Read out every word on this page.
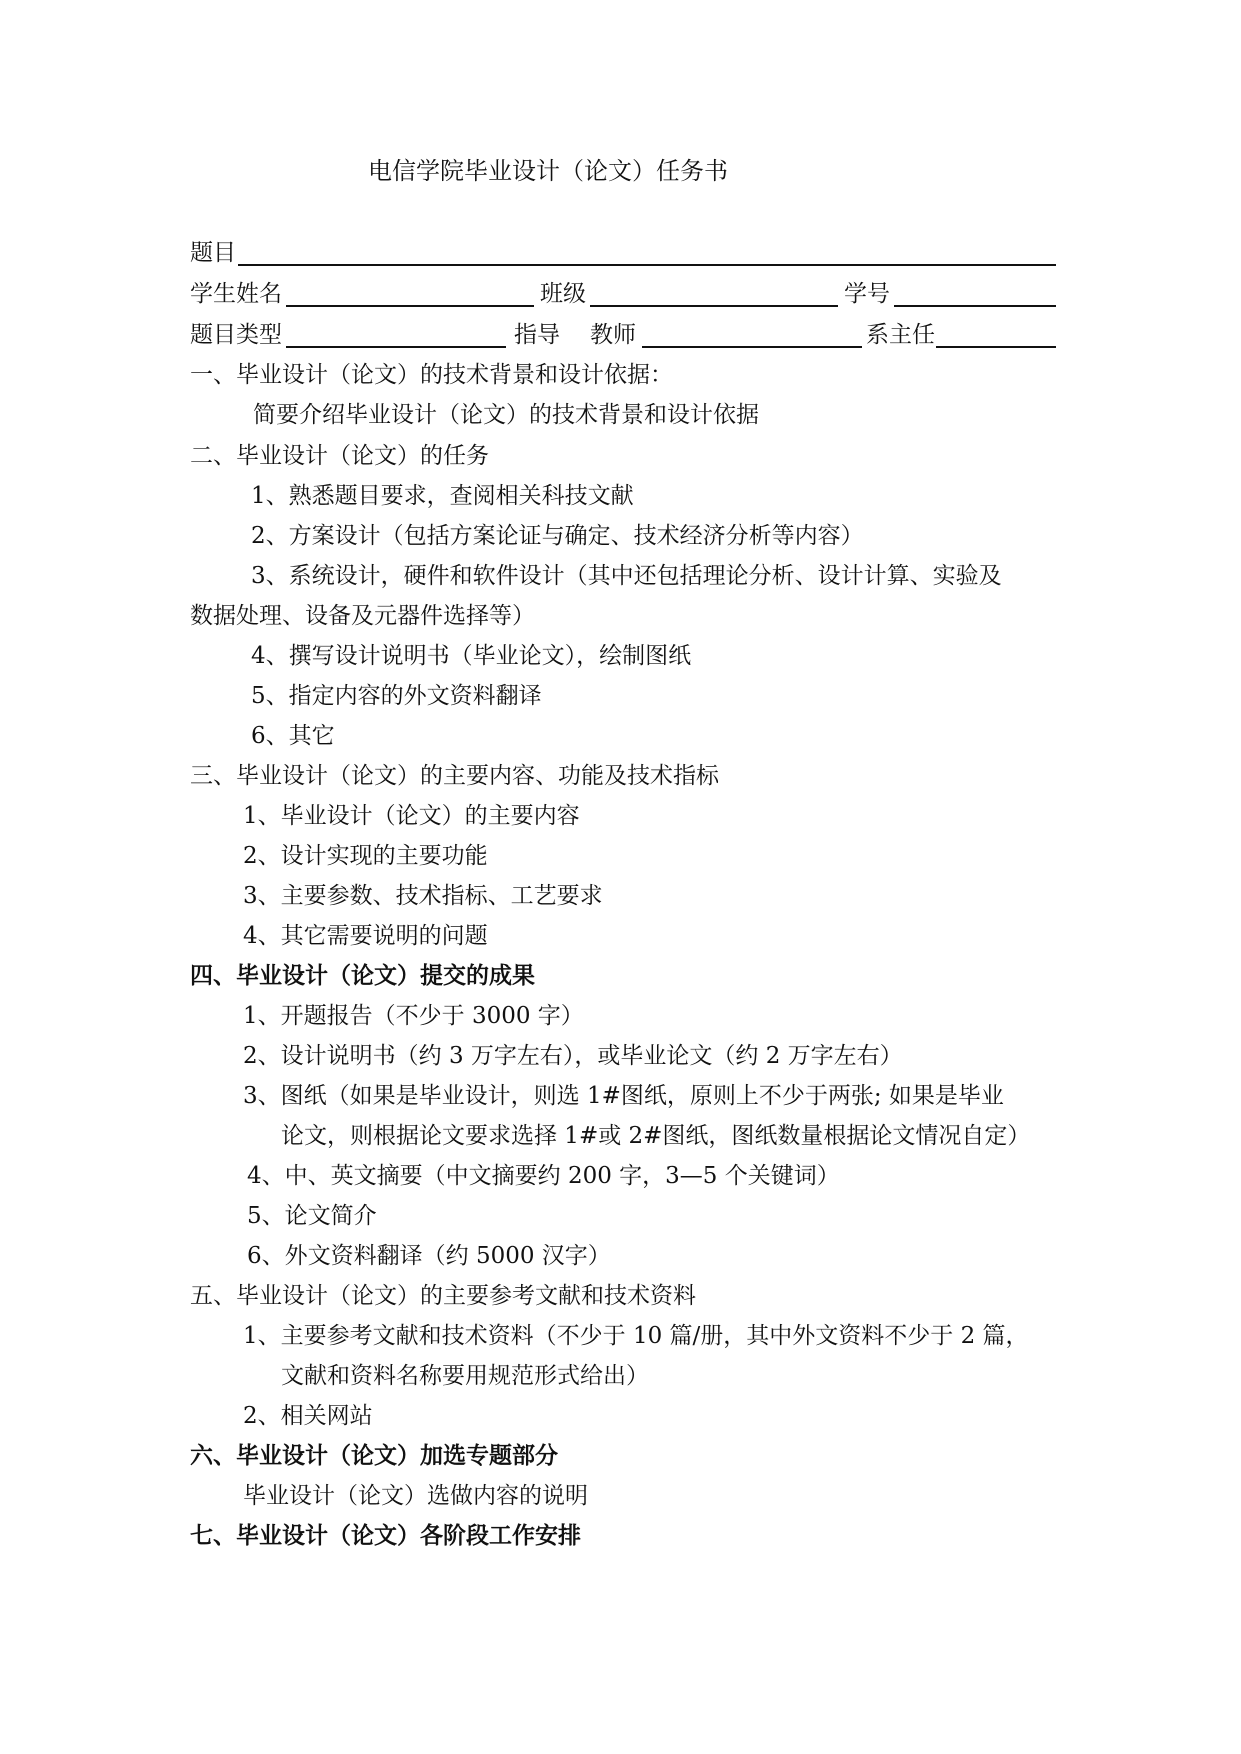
电信学院毕业设计（论文）任务书
题目
学生姓名	班级	学号
题目类型	指导 教师	系主任
一、毕业设计（论文）的技术背景和设计依据：
简要介绍毕业设计（论文）的技术背景和设计依据
二、毕业设计（论文）的任务
1、熟悉题目要求，查阅相关科技文献
2、方案设计（包括方案论证与确定、技术经济分析等内容）
3、系统设计，硬件和软件设计（其中还包括理论分析、设计计算、实验及
数据处理、设备及元器件选择等）
4、撰写设计说明书（毕业论文），绘制图纸
5、指定内容的外文资料翻译
6、其它
三、毕业设计（论文）的主要内容、功能及技术指标
1、毕业设计（论文）的主要内容
2、设计实现的主要功能
3、主要参数、技术指标、工艺要求
4、其它需要说明的问题
四、毕业设计（论文）提交的成果
1、开题报告（不少于 3000 字）
2、设计说明书（约 3 万字左右），或毕业论文（约 2 万字左右）
3、图纸（如果是毕业设计，则选 1#图纸，原则上不少于两张; 如果是毕业
论文，则根据论文要求选择 1#或 2#图纸，图纸数量根据论文情况自定）
4、中、英文摘要（中文摘要约 200 字，3—5 个关键词）
5、论文简介
6、外文资料翻译（约 5000 汉字）
五、毕业设计（论文）的主要参考文献和技术资料
1、主要参考文献和技术资料（不少于 10 篇/册，其中外文资料不少于 2 篇，
文献和资料名称要用规范形式给出）
2、相关网站
六、毕业设计（论文）加选专题部分
毕业设计（论文）选做内容的说明
七、毕业设计（论文）各阶段工作安排
